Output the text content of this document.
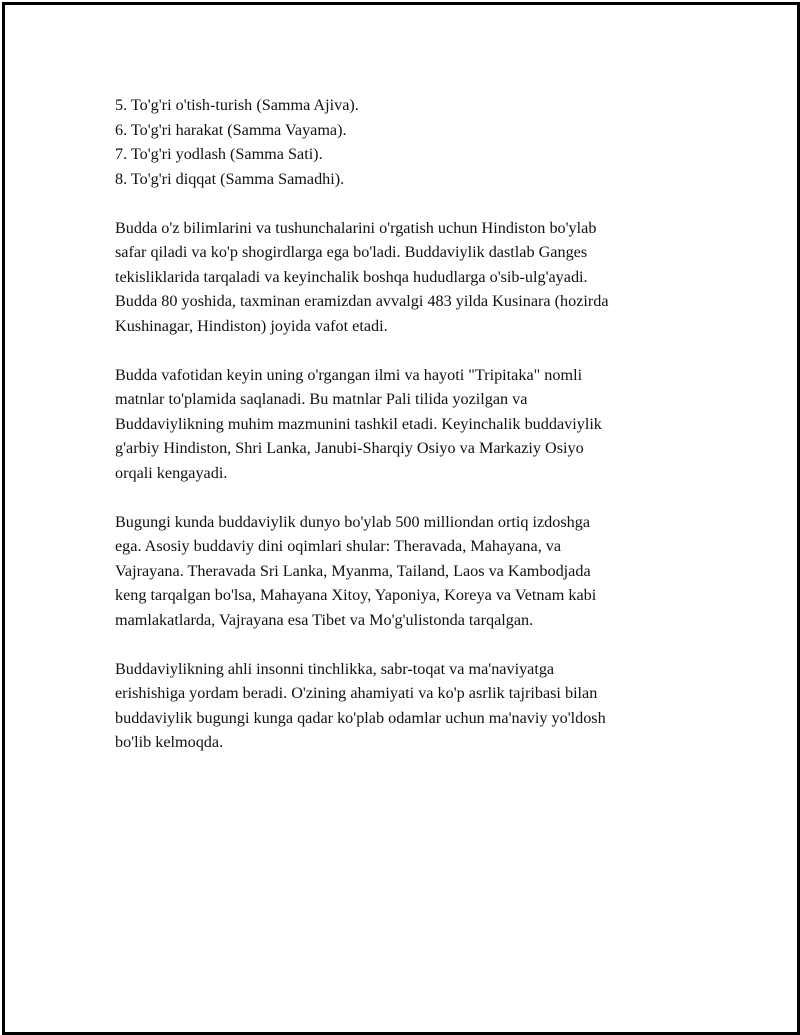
5. To'g'ri o'tish-turish (Samma Ajiva).

6. To'g'ri harakat (Samma Vayama).

7. To'g'ri yodlash (Samma Sati).

8. To'g'ri diqqat (Samma Samadhi).

Budda o'z bilimlarini va tushunchalarini o'rgatish uchun Hindiston bo'ylab
safar qiladi va ko'p shogirdlarga ega bo'ladi. Buddaviylik dastlab Ganges
tekisliklarida tarqaladi va keyinchalik boshqa hududlarga o'sib-ulg'ayadi.
Budda 80 yoshida, taxminan eramizdan avvalgi 483 yilda Kusinara (hozirda
Kushinagar, Hindiston) joyida vafot etadi.

Budda vafotidan keyin uning o'rgangan ilmi va hayoti "Tripitaka" nomli
matnlar to'plamida saqlanadi. Bu matnlar Pali tilida yozilgan va
Buddaviylikning muhim mazmunini tashkil etadi. Keyinchalik buddaviylik
g'arbiy Hindiston, Shri Lanka, Janubi-Sharqiy Osiyo va Markaziy Osiyo
orqali kengayadi.

Bugungi kunda buddaviylik dunyo bo'ylab 500 milliondan ortiq izdoshga
ega. Asosiy buddaviy dini oqimlari shular: Theravada, Mahayana, va
Vajrayana. Theravada Sri Lanka, Myanma, Tailand, Laos va Kambodjada
keng tarqalgan bo'lsa, Mahayana Xitoy, Yaponiya, Koreya va Vetnam kabi
mamlakatlarda, Vajrayana esa Tibet va Mo'g'ulistonda tarqalgan.

Buddaviylikning ahli insonni tinchlikka, sabr-toqat va ma'naviyatga
erishishiga yordam beradi. O'zining ahamiyati va ko'p asrlik tajribasi bilan
buddaviylik bugungi kunga qadar ko'plab odamlar uchun ma'naviy yo'ldosh
bo'lib kelmoqda.
